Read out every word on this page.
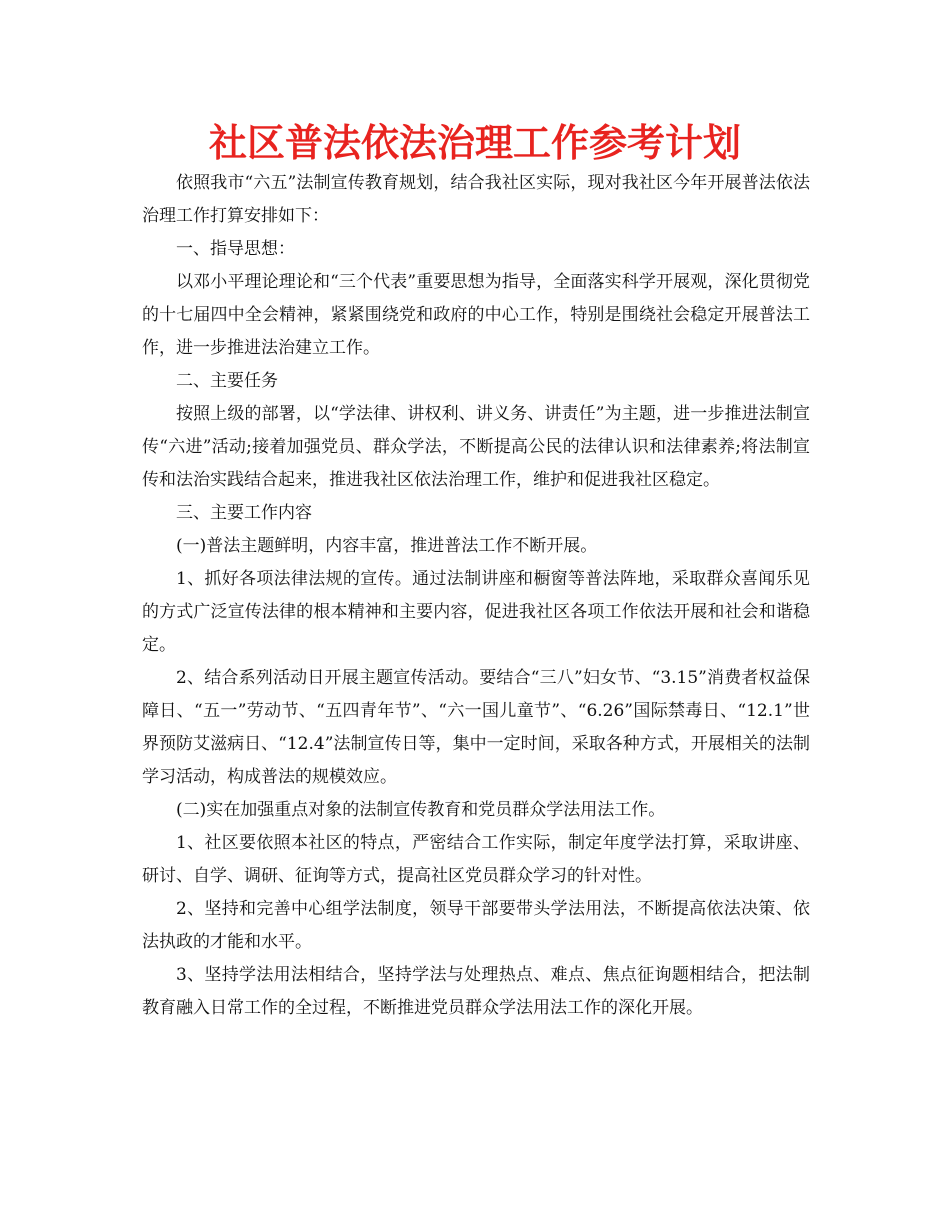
社区普法依法治理工作参考计划

依照我市“六五”法制宣传教育规划，结合我社区实际，现对我社区今年开展普法依法治理工作打算安排如下：

一、指导思想：

以邓小平理论理论和“三个代表”重要思想为指导，全面落实科学开展观，深化贯彻党的十七届四中全会精神，紧紧围绕党和政府的中心工作，特别是围绕社会稳定开展普法工作，进一步推进法治建立工作。

二、主要任务

按照上级的部署，以“学法律、讲权利、讲义务、讲责任”为主题，进一步推进法制宣传“六进”活动;接着加强党员、群众学法，不断提高公民的法律认识和法律素养;将法制宣传和法治实践结合起来，推进我社区依法治理工作，维护和促进我社区稳定。

三、主要工作内容

(一)普法主题鲜明，内容丰富，推进普法工作不断开展。

1、抓好各项法律法规的宣传。通过法制讲座和橱窗等普法阵地，采取群众喜闻乐见的方式广泛宣传法律的根本精神和主要内容，促进我社区各项工作依法开展和社会和谐稳定。

2、结合系列活动日开展主题宣传活动。要结合“三八”妇女节、“3.15”消费者权益保障日、“五一”劳动节、“五四青年节”、“六一国儿童节”、“6.26”国际禁毒日、“12.1”世界预防艾滋病日、“12.4”法制宣传日等，集中一定时间，采取各种方式，开展相关的法制学习活动，构成普法的规模效应。

(二)实在加强重点对象的法制宣传教育和党员群众学法用法工作。

1、社区要依照本社区的特点，严密结合工作实际，制定年度学法打算，采取讲座、研讨、自学、调研、征询等方式，提高社区党员群众学习的针对性。

2、坚持和完善中心组学法制度，领导干部要带头学法用法，不断提高依法决策、依法执政的才能和水平。

3、坚持学法用法相结合，坚持学法与处理热点、难点、焦点征询题相结合，把法制教育融入日常工作的全过程，不断推进党员群众学法用法工作的深化开展。
